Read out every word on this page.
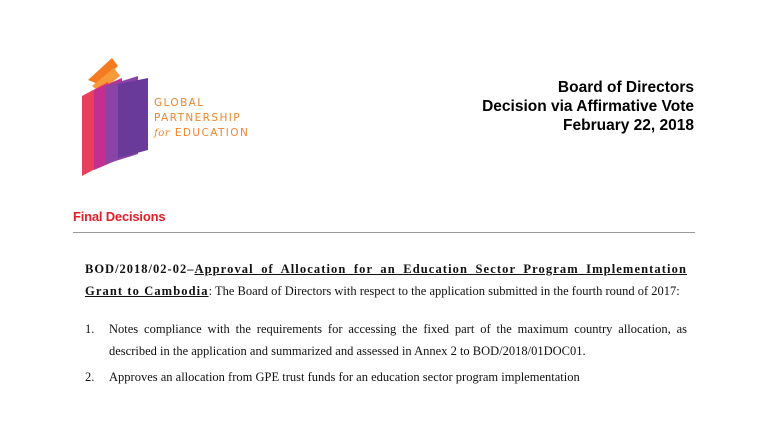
GLOBAL
PARTNERSHIP
for EDUCATION
Board of Directors
Decision via Affirmative Vote
February 22, 2018
Final Decisions

BOD/2018/02-02–Approval of Allocation for an Education Sector Program Implementation Grant to Cambodia: The Board of Directors with respect to the application submitted in the fourth round of 2017:

1. Notes compliance with the requirements for accessing the fixed part of the maximum country allocation, as described in the application and summarized and assessed in Annex 2 to BOD/2018/01DOC01.
2. Approves an allocation from GPE trust funds for an education sector program implementation
